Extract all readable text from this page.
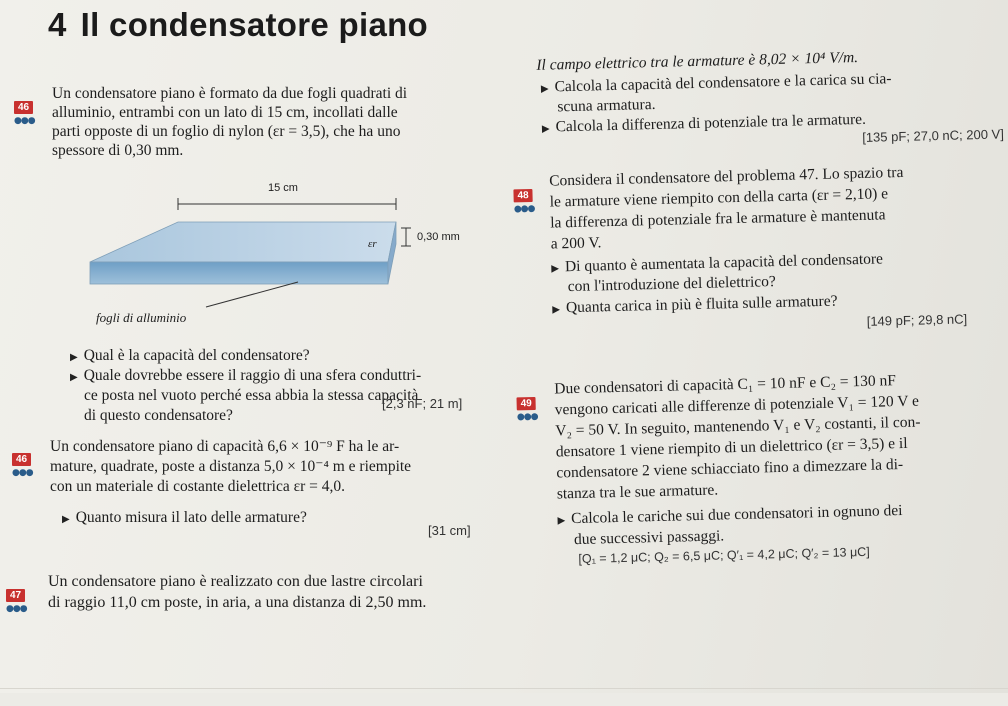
4 Il condensatore piano
46
●●●
Un condensatore piano è formato da due fogli quadrati di
alluminio, entrambi con un lato di 15 cm, incollati dalle
parti opposte di un foglio di nylon (εr = 3,5), che ha uno
spessore di 0,30 mm.
15 cm
0,30 mm
εr
fogli di alluminio
▶ Qual è la capacità del condensatore?
▶ Quale dovrebbe essere il raggio di una sfera conduttri-
ce posta nel vuoto perché essa abbia la stessa capacità
di questo condensatore?
[2,3 nF; 21 m]
46
●●●
Un condensatore piano di capacità 6,6 × 10⁻⁹ F ha le ar-
mature, quadrate, poste a distanza 5,0 × 10⁻⁴ m e riempite
con un materiale di costante dielettrica εr = 4,0.
▶ Quanto misura il lato delle armature?
[31 cm]
47
●●●
Un condensatore piano è realizzato con due lastre circolari
di raggio 11,0 cm poste, in aria, a una distanza di 2,50 mm.
Il campo elettrico tra le armature è 8,02 × 10⁴ V/m.
▶ Calcola la capacità del condensatore e la carica su cia-
scuna armatura.
▶ Calcola la differenza di potenziale tra le armature.
[135 pF; 27,0 nC; 200 V]
48
●●●
Considera il condensatore del problema 47. Lo spazio tra
le armature viene riempito con della carta (εr = 2,10) e
la differenza di potenziale fra le armature è mantenuta
a 200 V.
▶ Di quanto è aumentata la capacità del condensatore
con l'introduzione del dielettrico?
▶ Quanta carica in più è fluita sulle armature?
[149 pF; 29,8 nC]
49
●●●
Due condensatori di capacità C₁ = 10 nF e C₂ = 130 nF
vengono caricati alle differenze di potenziale V₁ = 120 V e
V₂ = 50 V. In seguito, mantenendo V₁ e V₂ costanti, il con-
densatore 1 viene riempito di un dielettrico (εr = 3,5) e il
condensatore 2 viene schiacciato fino a dimezzare la di-
stanza tra le sue armature.
▶ Calcola le cariche sui due condensatori in ognuno dei
due successivi passaggi.
[Q₁ = 1,2 μC; Q₂ = 6,5 μC; Q′₁ = 4,2 μC; Q′₂ = 13 μC]
